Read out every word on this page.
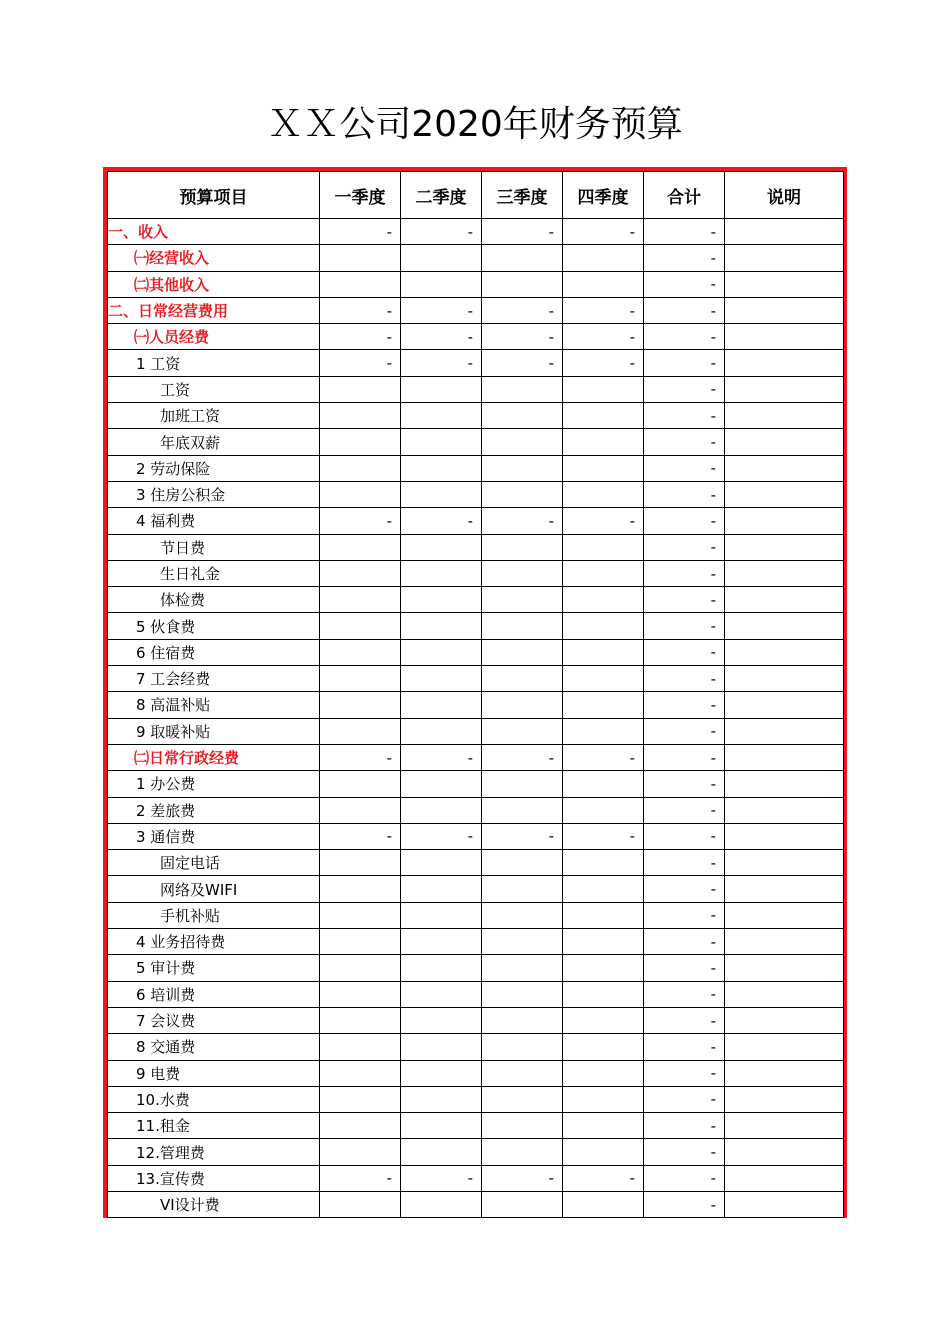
ＸＸ公司2020年财务预算
预算项目	一季度	二季度	三季度	四季度	合计	说明
一、收入	-	-	-	-	-	
㈠经营收入					-	
㈡其他收入					-	
二、日常经营费用	-	-	-	-	-	
㈠人员经费	-	-	-	-	-	
1 工资	-	-	-	-	-	
工资					-	
加班工资					-	
年底双薪					-	
2 劳动保险					-	
3 住房公积金					-	
4 福利费	-	-	-	-	-	
节日费					-	
生日礼金					-	
体检费					-	
5 伙食费					-	
6 住宿费					-	
7 工会经费					-	
8 高温补贴					-	
9 取暖补贴					-	
㈡日常行政经费	-	-	-	-	-	
1 办公费					-	
2 差旅费					-	
3 通信费	-	-	-	-	-	
固定电话					-	
网络及WIFI					-	
手机补贴					-	
4 业务招待费					-	
5 审计费					-	
6 培训费					-	
7 会议费					-	
8 交通费					-	
9 电费					-	
10.水费					-	
11.租金					-	
12.管理费					-	
13.宣传费	-	-	-	-	-	
VI设计费					-	
